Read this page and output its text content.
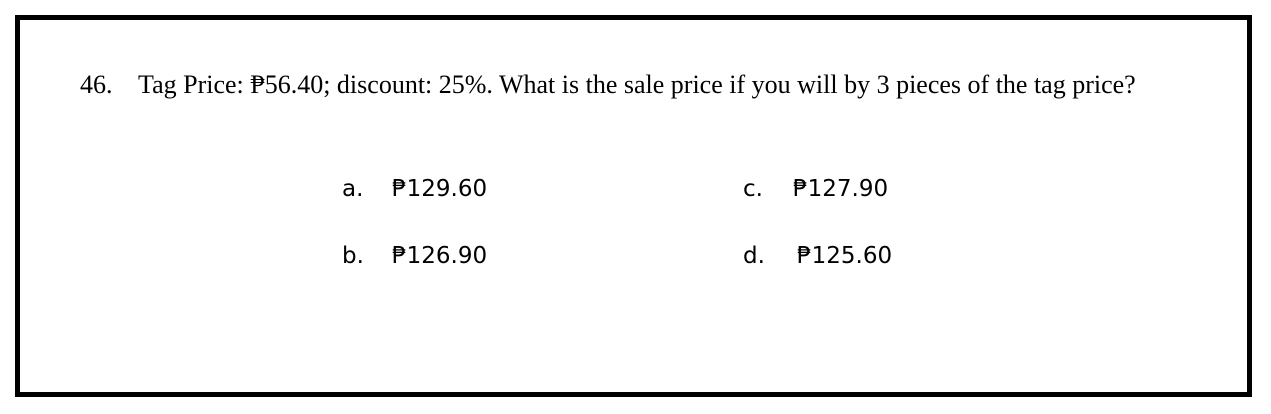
46. Tag Price: ₱56.40; discount: 25%. What is the sale price if you will by 3 pieces of the tag price?
a. ₱129.60
b. ₱126.90
c. ₱127.90
d. ₱125.60
